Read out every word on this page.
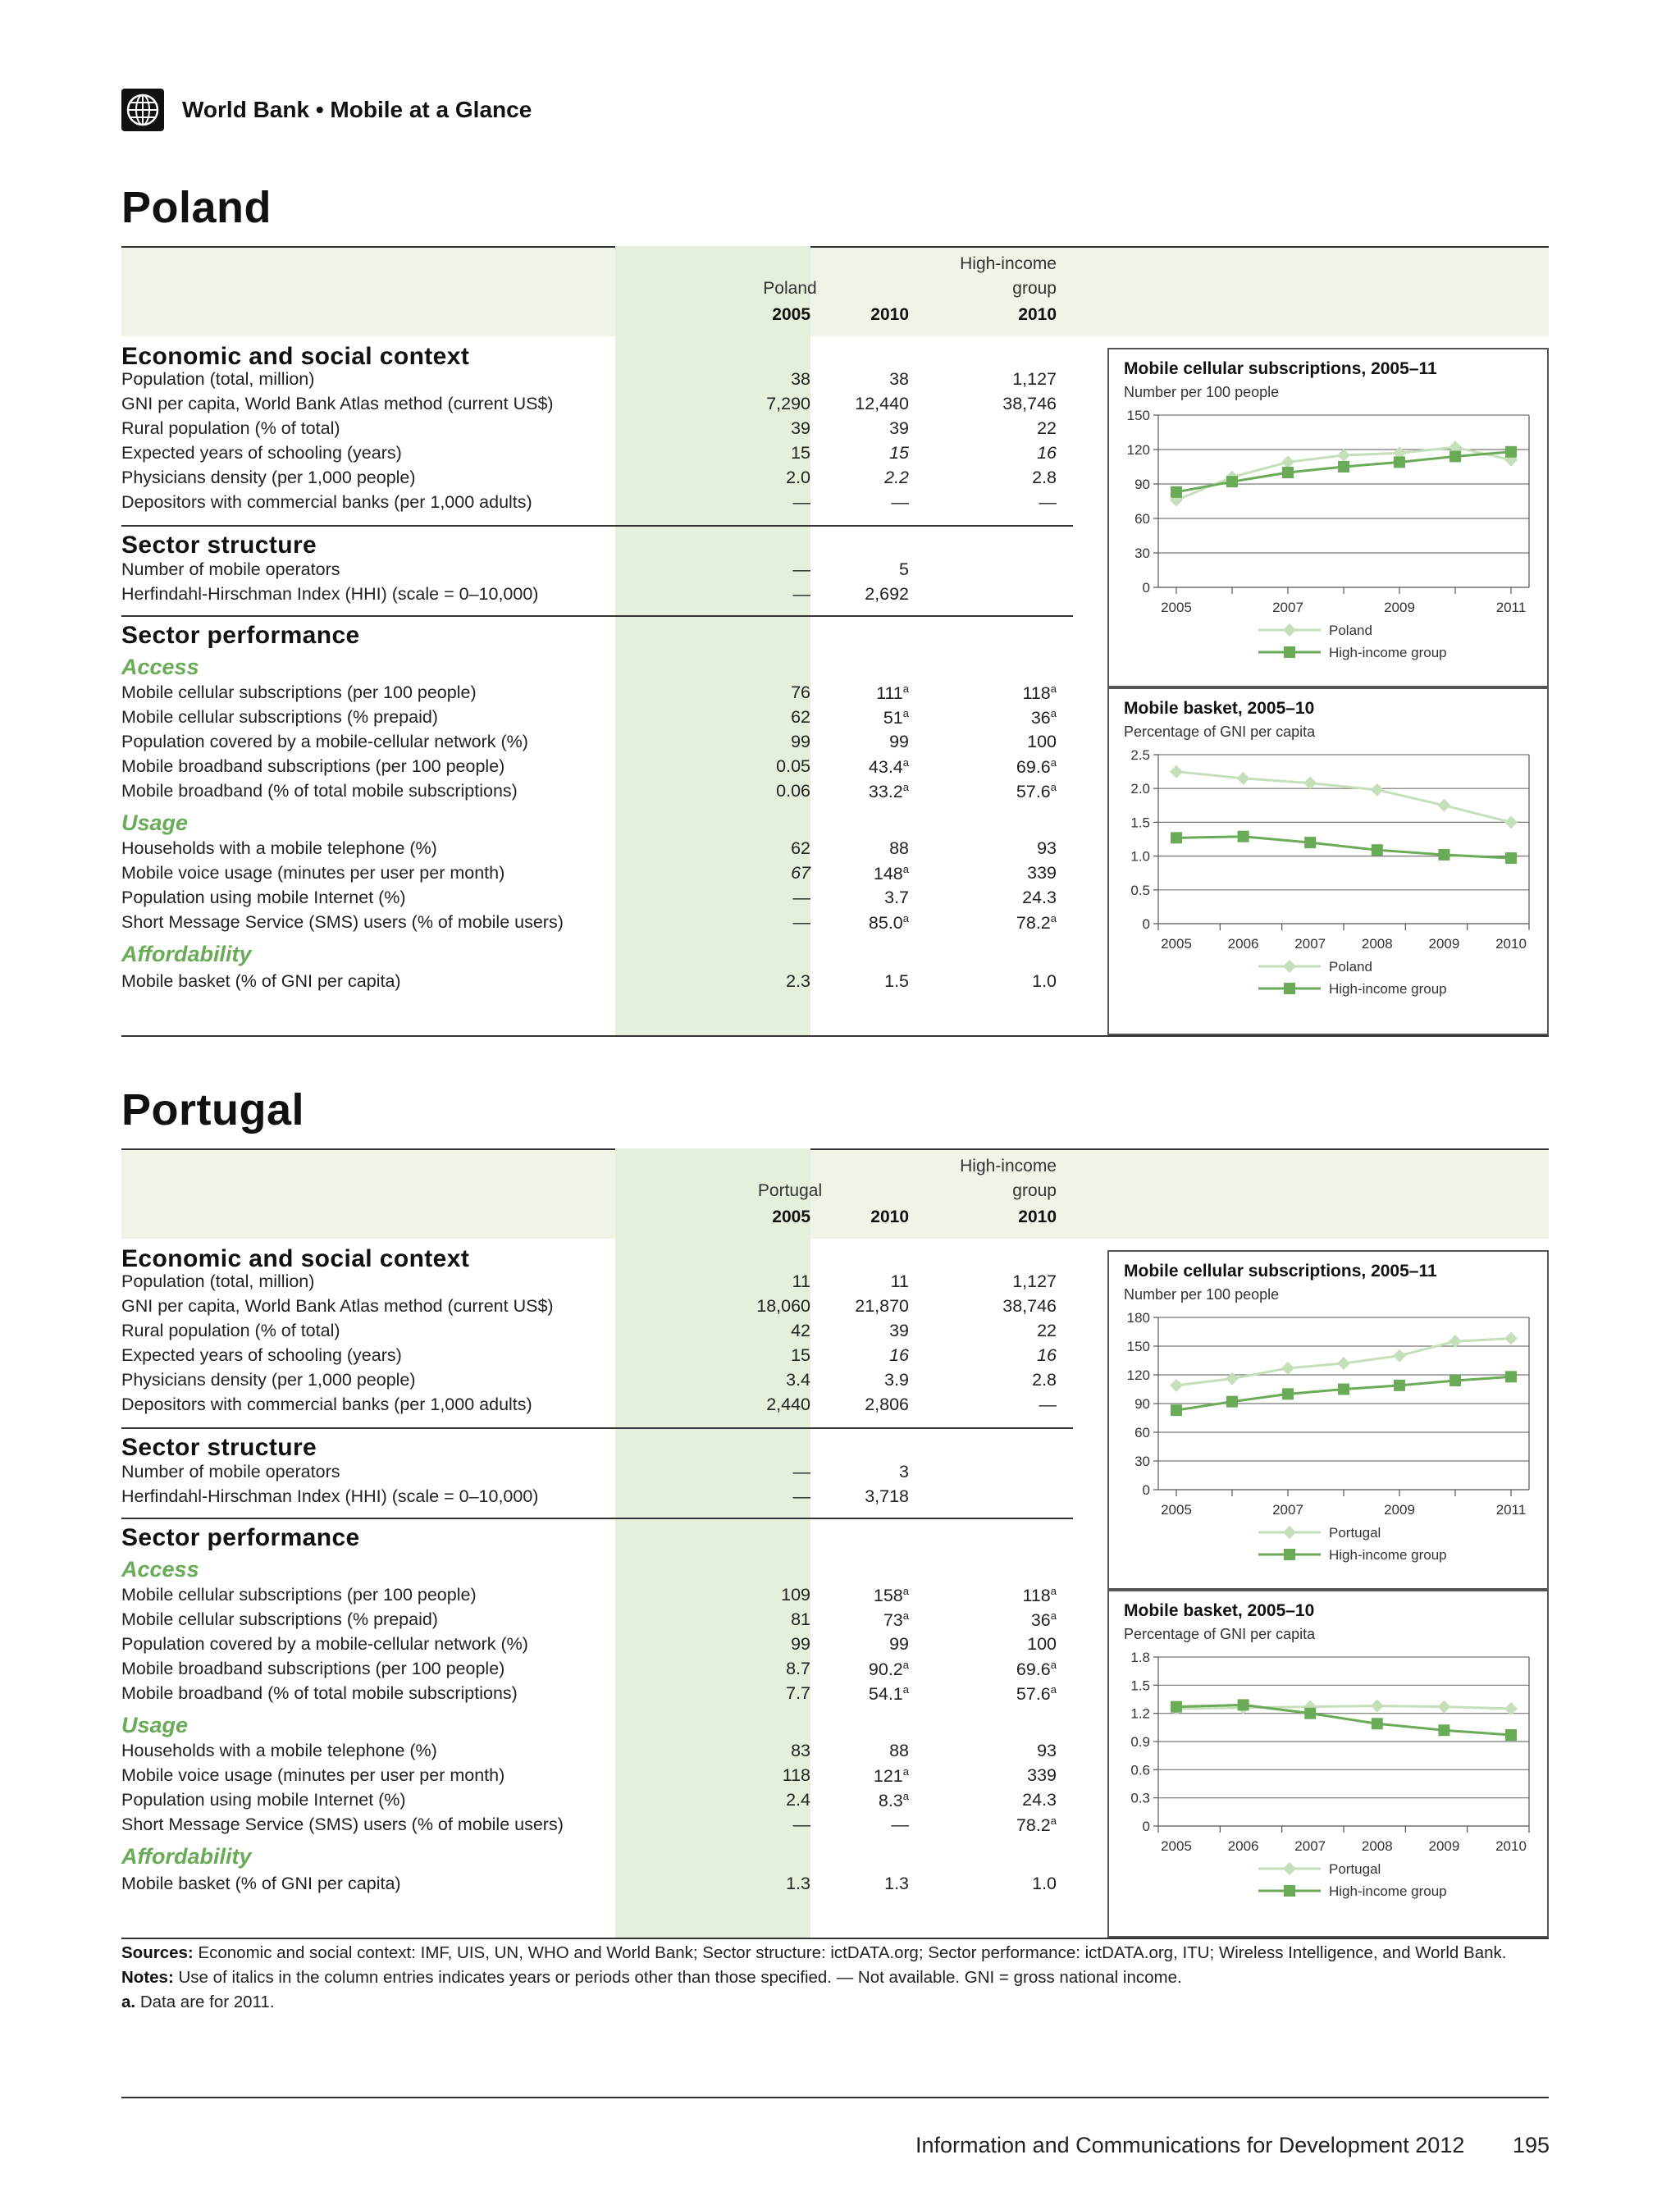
World Bank • Mobile at a Glance
Poland
Poland
High-income
group
2005	2010	2010
Economic and social context
Population (total, million)	38	38	1,127
GNI per capita, World Bank Atlas method (current US$)	7,290	12,440	38,746
Rural population (% of total)	39	39	22
Expected years of schooling (years)	15	15	16
Physicians density (per 1,000 people)	2.0	2.2	2.8
Depositors with commercial banks (per 1,000 adults)	—	—	—
Sector structure
Number of mobile operators	—	5
Herfindahl-Hirschman Index (HHI) (scale = 0–10,000)	—	2,692
Sector performance
Access
Mobile cellular subscriptions (per 100 people)	76	111$^a$	118$^a$
Mobile cellular subscriptions (% prepaid)	62	51$^a$	36$^a$
Population covered by a mobile-cellular network (%)	99	99	100
Mobile broadband subscriptions (per 100 people)	0.05	43.4$^a$	69.6$^a$
Mobile broadband (% of total mobile subscriptions)	0.06	33.2$^a$	57.6$^a$
Usage
Households with a mobile telephone (%)	62	88	93
Mobile voice usage (minutes per user per month)	67	148$^a$	339
Population using mobile Internet (%)	—	3.7	24.3
Short Message Service (SMS) users (% of mobile users)	—	85.0$^a$	78.2$^a$
Affordability
Mobile basket (% of GNI per capita)	2.3	1.5	1.0
Mobile cellular subscriptions, 2005–11
Number per 100 people
0
30
60
90
120
150
2005	2007	2009	2011
Poland
High-income group
Mobile basket, 2005–10
Percentage of GNI per capita
0
0.5
1.0
1.5
2.0
2.5
2005	2006	2007	2008	2009	2010
Poland
High-income group
Portugal
Portugal
High-income
group
2005	2010	2010
Economic and social context
Population (total, million)	11	11	1,127
GNI per capita, World Bank Atlas method (current US$)	18,060	21,870	38,746
Rural population (% of total)	42	39	22
Expected years of schooling (years)	15	16	16
Physicians density (per 1,000 people)	3.4	3.9	2.8
Depositors with commercial banks (per 1,000 adults)	2,440	2,806	—
Sector structure
Number of mobile operators	—	3
Herfindahl-Hirschman Index (HHI) (scale = 0–10,000)	—	3,718
Sector performance
Access
Mobile cellular subscriptions (per 100 people)	109	158$^a$	118$^a$
Mobile cellular subscriptions (% prepaid)	81	73$^a$	36$^a$
Population covered by a mobile-cellular network (%)	99	99	100
Mobile broadband subscriptions (per 100 people)	8.7	90.2$^a$	69.6$^a$
Mobile broadband (% of total mobile subscriptions)	7.7	54.1$^a$	57.6$^a$
Usage
Households with a mobile telephone (%)	83	88	93
Mobile voice usage (minutes per user per month)	118	121$^a$	339
Population using mobile Internet (%)	2.4	8.3$^a$	24.3
Short Message Service (SMS) users (% of mobile users)	—	—	78.2$^a$
Affordability
Mobile basket (% of GNI per capita)	1.3	1.3	1.0
Mobile cellular subscriptions, 2005–11
Number per 100 people
0
30
60
90
120
150
180
2005	2007	2009	2011
Portugal
High-income group
Mobile basket, 2005–10
Percentage of GNI per capita
0
0.3
0.6
0.9
1.2
1.5
1.8
2005	2006	2007	2008	2009	2010
Portugal
High-income group
Sources: Economic and social context: IMF, UIS, UN, WHO and World Bank; Sector structure: ictDATA.org; Sector performance: ictDATA.org, ITU; Wireless Intelligence, and World Bank.
Notes: Use of italics in the column entries indicates years or periods other than those specified. — Not available. GNI = gross national income.
a. Data are for 2011.
Information and Communications for Development 2012 195
